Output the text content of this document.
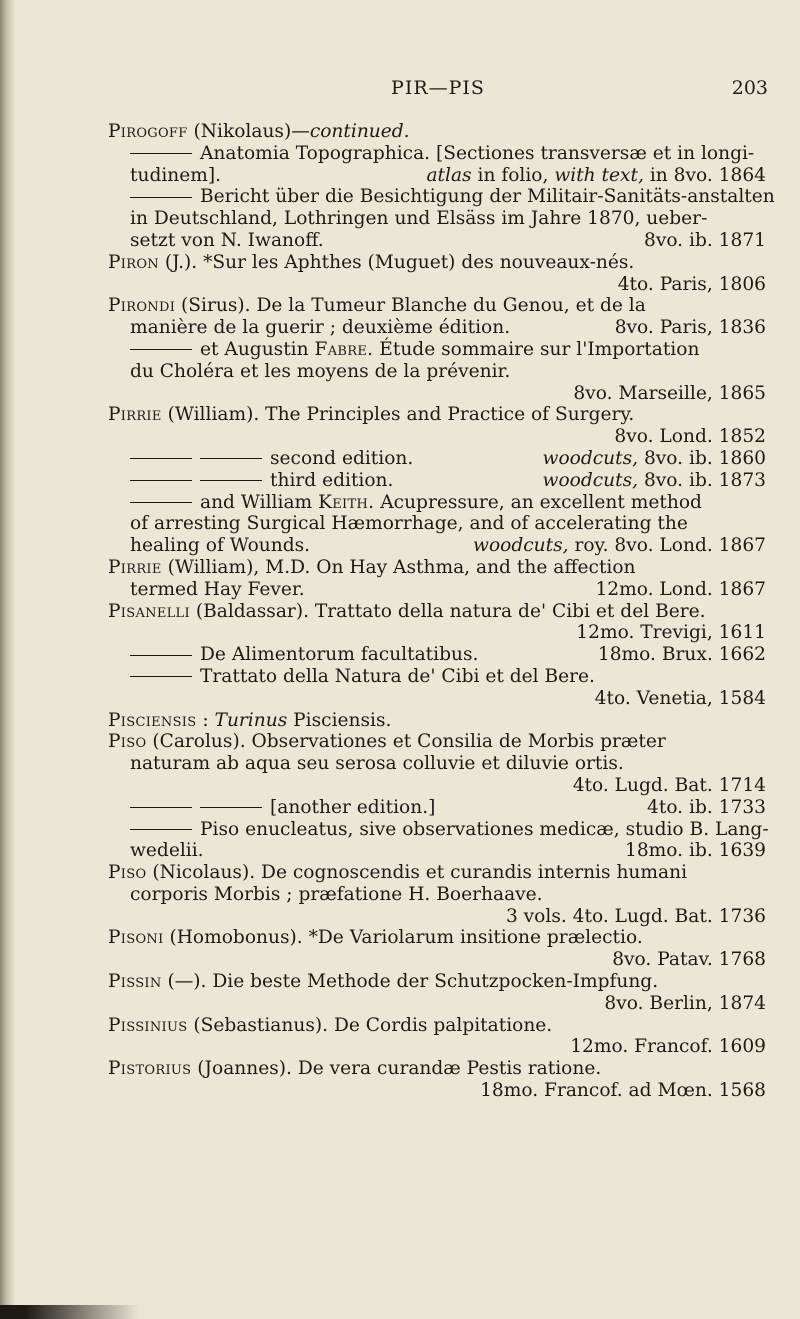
PIR—PIS	203
Pirogoff (Nikolaus)—continued.
Anatomia Topographica. [Sectiones transversæ et in longi-
tudinem].	atlas in folio, with text, in 8vo. 1864
Bericht über die Besichtigung der Militair-Sanitäts-anstalten
in Deutschland, Lothringen und Elsäss im Jahre 1870, ueber-
setzt von N. Iwanoff.	8vo. ib. 1871
Piron (J.). *Sur les Aphthes (Muguet) des nouveaux-nés.
4to. Paris, 1806
Pirondi (Sirus). De la Tumeur Blanche du Genou, et de la
manière de la guerir ; deuxième édition.	8vo. Paris, 1836
et Augustin Fabre. Étude sommaire sur l'Importation
du Choléra et les moyens de la prévenir.
8vo. Marseille, 1865
Pirrie (William). The Principles and Practice of Surgery.
8vo. Lond. 1852
second edition.	woodcuts, 8vo. ib. 1860
third edition.	woodcuts, 8vo. ib. 1873
and William Keith. Acupressure, an excellent method
of arresting Surgical Hæmorrhage, and of accelerating the
healing of Wounds.	woodcuts, roy. 8vo. Lond. 1867
Pirrie (William), M.D. On Hay Asthma, and the affection
termed Hay Fever.	12mo. Lond. 1867
Pisanelli (Baldassar). Trattato della natura de' Cibi et del Bere.
12mo. Trevigi, 1611
De Alimentorum facultatibus.	18mo. Brux. 1662
Trattato della Natura de' Cibi et del Bere.
4to. Venetia, 1584
Pisciensis : Turinus Pisciensis.
Piso (Carolus). Observationes et Consilia de Morbis præter
naturam ab aqua seu serosa colluvie et diluvie ortis.
4to. Lugd. Bat. 1714
[another edition.]	4to. ib. 1733
Piso enucleatus, sive observationes medicæ, studio B. Lang-
wedelii.	18mo. ib. 1639
Piso (Nicolaus). De cognoscendis et curandis internis humani
corporis Morbis ; præfatione H. Boerhaave.
3 vols. 4to. Lugd. Bat. 1736
Pisoni (Homobonus). *De Variolarum insitione prælectio.
8vo. Patav. 1768
Pissin (—). Die beste Methode der Schutzpocken-Impfung.
8vo. Berlin, 1874
Pissinius (Sebastianus). De Cordis palpitatione.
12mo. Francof. 1609
Pistorius (Joannes). De vera curandæ Pestis ratione.
18mo. Francof. ad Mœn. 1568
